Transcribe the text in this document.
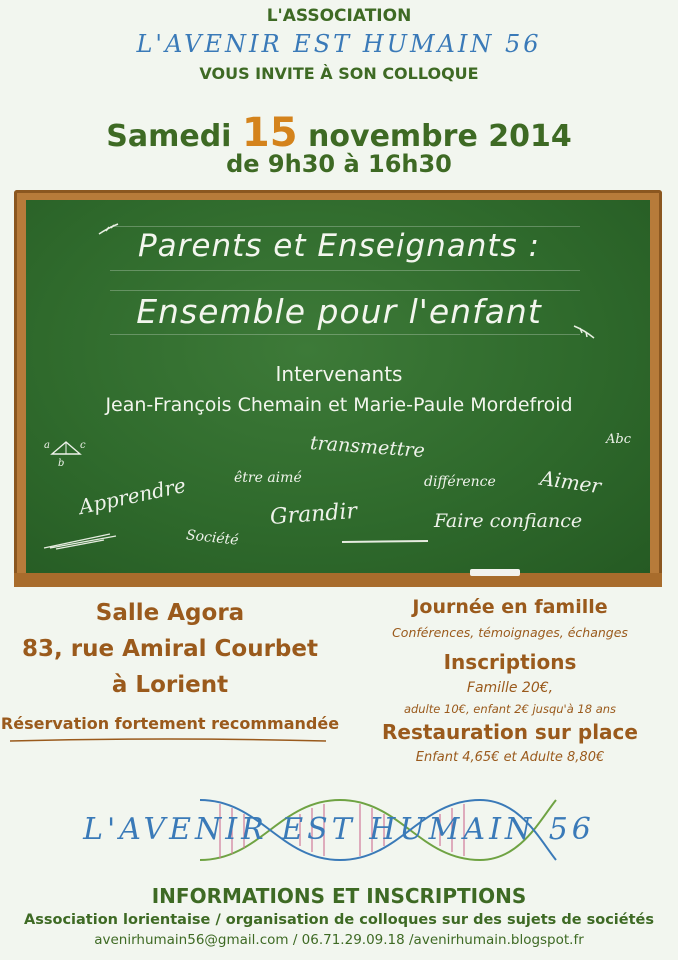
L'ASSOCIATION
L'AVENIR EST HUMAIN 56
VOUS INVITE À SON COLLOQUE
Samedi 15 novembre 2014
de 9h30 à 16h30
Parents et Enseignants :
Ensemble pour l'enfant
Intervenants
Jean-François Chemain et Marie-Paule Mordefroid
a
b
c	transmettre	Abc
Apprendre	être aimé	différence Aimer
Grandir
Société
Faire confiance
Salle Agora
83, rue Amiral Courbet
à Lorient
Réservation fortement recommandée
Journée en famille
Conférences, témoignages, échanges
Inscriptions
Famille 20€,
adulte 10€, enfant 2€ jusqu'à 18 ans
Restauration sur place
Enfant 4,65€ et Adulte 8,80€
L'AVENIR EST HUMAIN 56
INFORMATIONS ET INSCRIPTIONS
Association lorientaise / organisation de colloques sur des sujets de sociétés
avenirhumain56@gmail.com / 06.71.29.09.18 /avenirhumain.blogspot.fr
